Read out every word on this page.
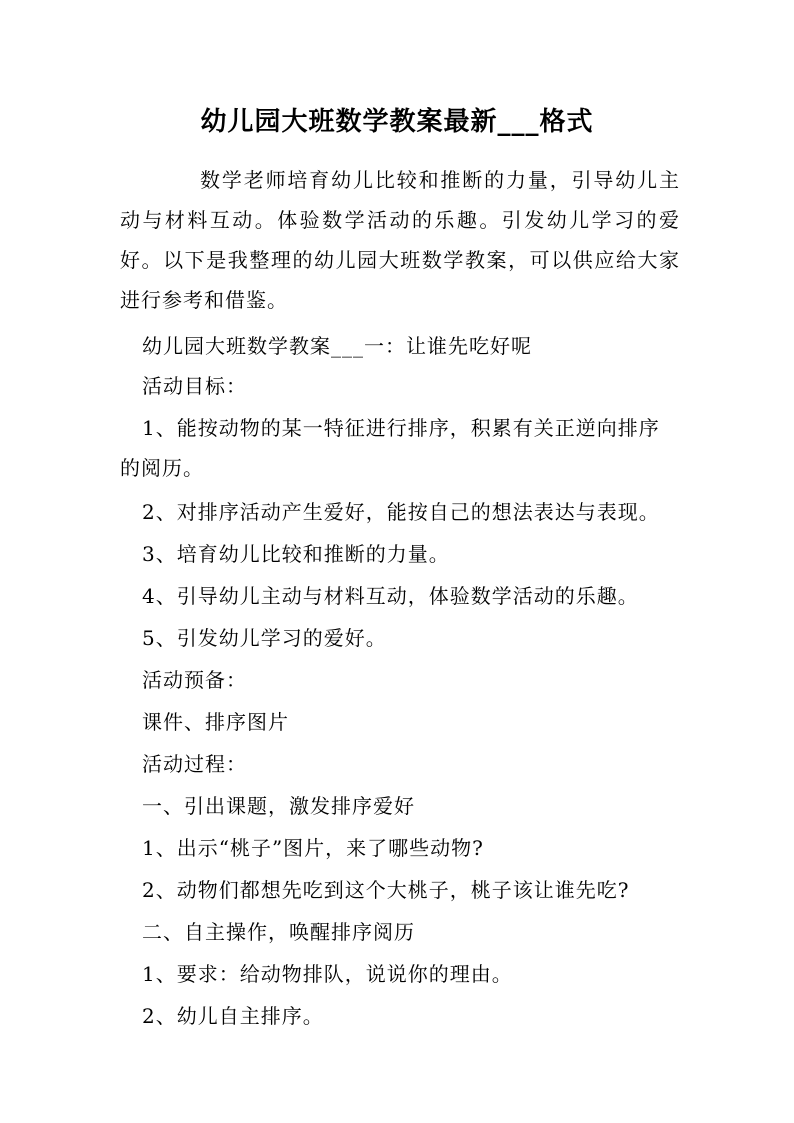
幼儿园大班数学教案最新___格式
数学老师培育幼儿比较和推断的力量，引导幼儿主动与材料互动。体验数学活动的乐趣。引发幼儿学习的爱好。以下是我整理的幼儿园大班数学教案，可以供应给大家进行参考和借鉴。
幼儿园大班数学教案___一：让谁先吃好呢
活动目标：
1、能按动物的某一特征进行排序，积累有关正逆向排序的阅历。
2、对排序活动产生爱好，能按自己的想法表达与表现。
3、培育幼儿比较和推断的力量。
4、引导幼儿主动与材料互动，体验数学活动的乐趣。
5、引发幼儿学习的爱好。
活动预备：
课件、排序图片
活动过程：
一、引出课题，激发排序爱好
1、出示“桃子”图片，来了哪些动物?
2、动物们都想先吃到这个大桃子，桃子该让谁先吃?
二、自主操作，唤醒排序阅历
1、要求：给动物排队，说说你的理由。
2、幼儿自主排序。
